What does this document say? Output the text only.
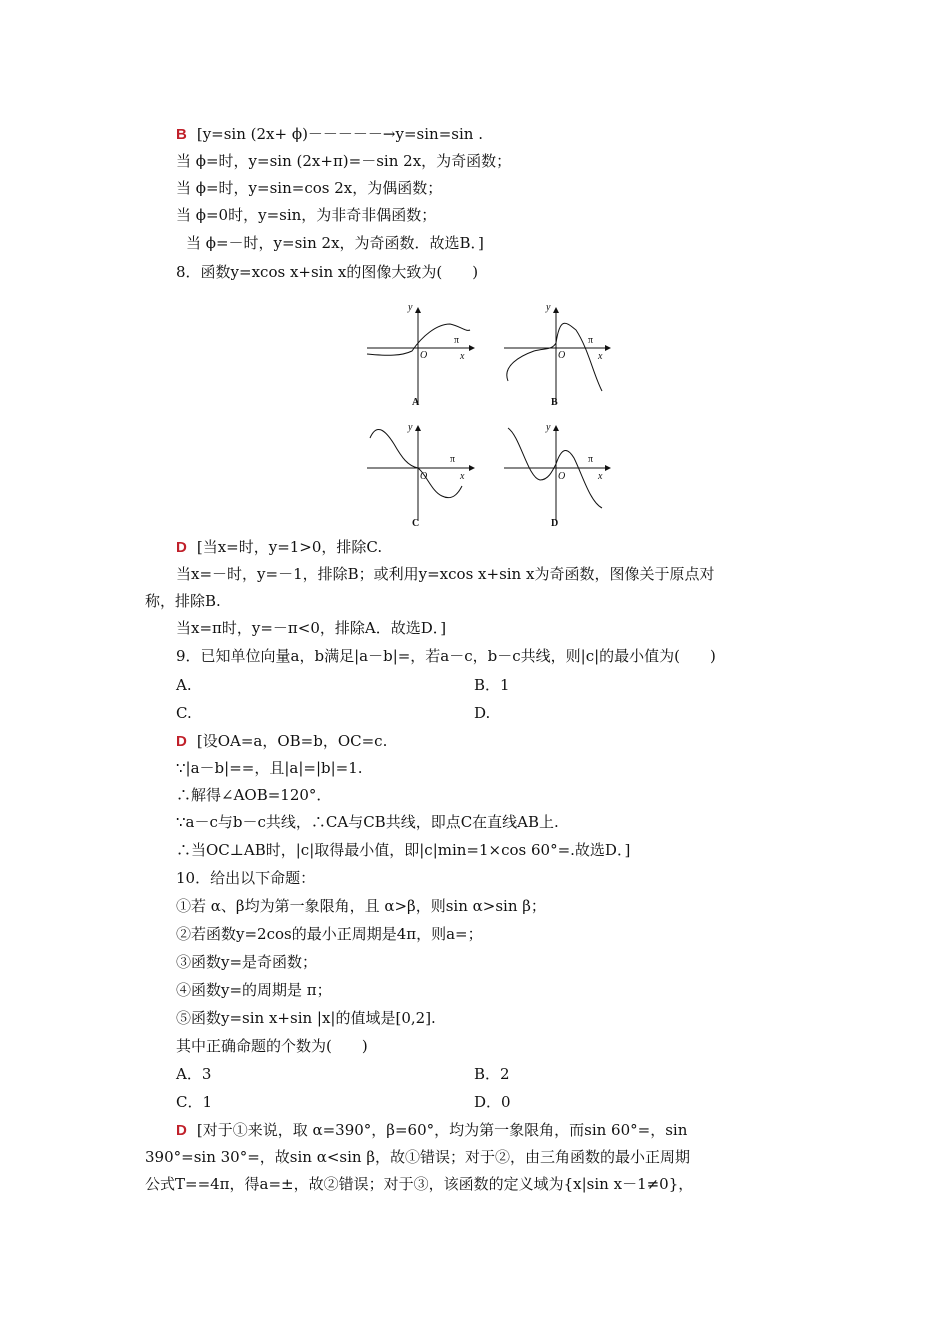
B [y=sin (2x+ ϕ)－－－－－→y=sin=sin .
当 ϕ=时，y=sin (2x+π)=－sin 2x，为奇函数；
当 ϕ=时，y=sin=cos 2x，为偶函数；
当 ϕ=0时，y=sin，为非奇非偶函数；
当 ϕ=－时，y=sin 2x，为奇函数．故选B．]
8．函数y=xcos x+sin x的图像大致为(　　)
y
x
O
π
y
x
O
π
y
x
O
π
y
x
O
π
A	B
C	D
D [当x=时，y=1>0，排除C.
当x=－时，y=－1，排除B；或利用y=xcos x+sin x为奇函数，图像关于原点对
称，排除B.
当x=π时，y=－π<0，排除A．故选D．]
9．已知单位向量a，b满足|a－b|=，若a－c，b－c共线，则|c|的最小值为(　　)
A.	B．1
C.	D.
D [设OA=a，OB=b，OC=c.
∵|a－b|==，且|a|=|b|=1.
∴解得∠AOB=120°．
∵a－c与b－c共线，∴CA与CB共线，即点C在直线AB上.
∴当OC⊥AB时，|c|取得最小值，即|c|min=1×cos 60°=.故选D．]
10．给出以下命题：
①若 α、β均为第一象限角，且 α>β，则sin α>sin β；
②若函数y=2cos的最小正周期是4π，则a=；
③函数y=是奇函数；
④函数y=的周期是 π；
⑤函数y=sin x+sin |x|的值域是[0,2].
其中正确命题的个数为(　　)
A．3	B．2
C．1	D．0
D [对于①来说，取 α=390°，β=60°，均为第一象限角，而sin 60°=，sin
390°=sin 30°=，故sin α<sin β，故①错误；对于②，由三角函数的最小正周期
公式T==4π，得a=±，故②错误；对于③，该函数的定义域为{x|sin x－1≠0}，
